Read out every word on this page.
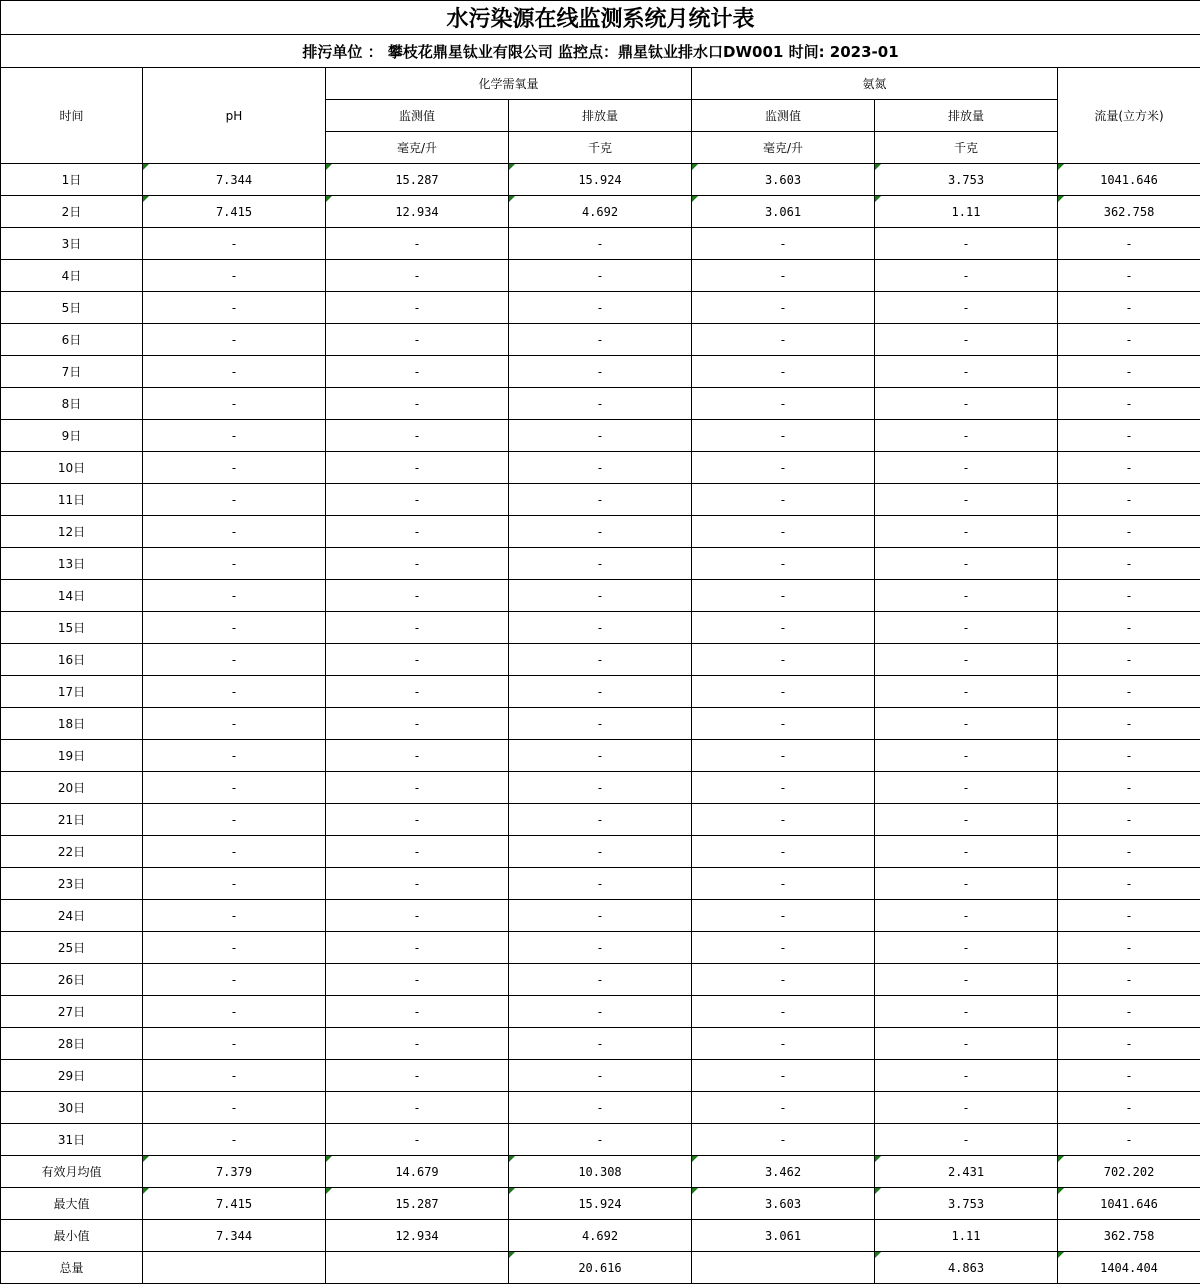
水污染源在线监测系统月统计表						
排污单位 ： 攀枝花鼎星钛业有限公司 监控点：鼎星钛业排水口DW001 时间: 2023-01						
时间	pH	化学需氧量		氨氮		流量(立方米)
		监测值	排放量	监测值	排放量	
		毫克/升	千克	毫克/升	千克	
1日	7.344	15.287	15.924	3.603	3.753	1041.646

2日	7.415	12.934	4.692	3.061	1.11	362.758

3日	-	-	-	-	-	-
4日	-	-	-	-	-	-
5日	-	-	-	-	-	-
6日	-	-	-	-	-	-
7日	-	-	-	-	-	-
8日	-	-	-	-	-	-
9日	-	-	-	-	-	-
10日	-	-	-	-	-	-
11日	-	-	-	-	-	-
12日	-	-	-	-	-	-
13日	-	-	-	-	-	-
14日	-	-	-	-	-	-
15日	-	-	-	-	-	-
16日	-	-	-	-	-	-
17日	-	-	-	-	-	-
18日	-	-	-	-	-	-
19日	-	-	-	-	-	-
20日	-	-	-	-	-	-
21日	-	-	-	-	-	-
22日	-	-	-	-	-	-
23日	-	-	-	-	-	-
24日	-	-	-	-	-	-
25日	-	-	-	-	-	-
26日	-	-	-	-	-	-
27日	-	-	-	-	-	-
28日	-	-	-	-	-	-
29日	-	-	-	-	-	-
30日	-	-	-	-	-	-
31日	-	-	-	-	-	-
有效月均值	7.379	14.679	10.308	3.462	2.431	702.202

最大值	7.415	15.287	15.924	3.603	3.753	1041.646

最小值	7.344	12.934	4.692	3.061	1.11	362.758
总量			20.616		4.863	1404.404
